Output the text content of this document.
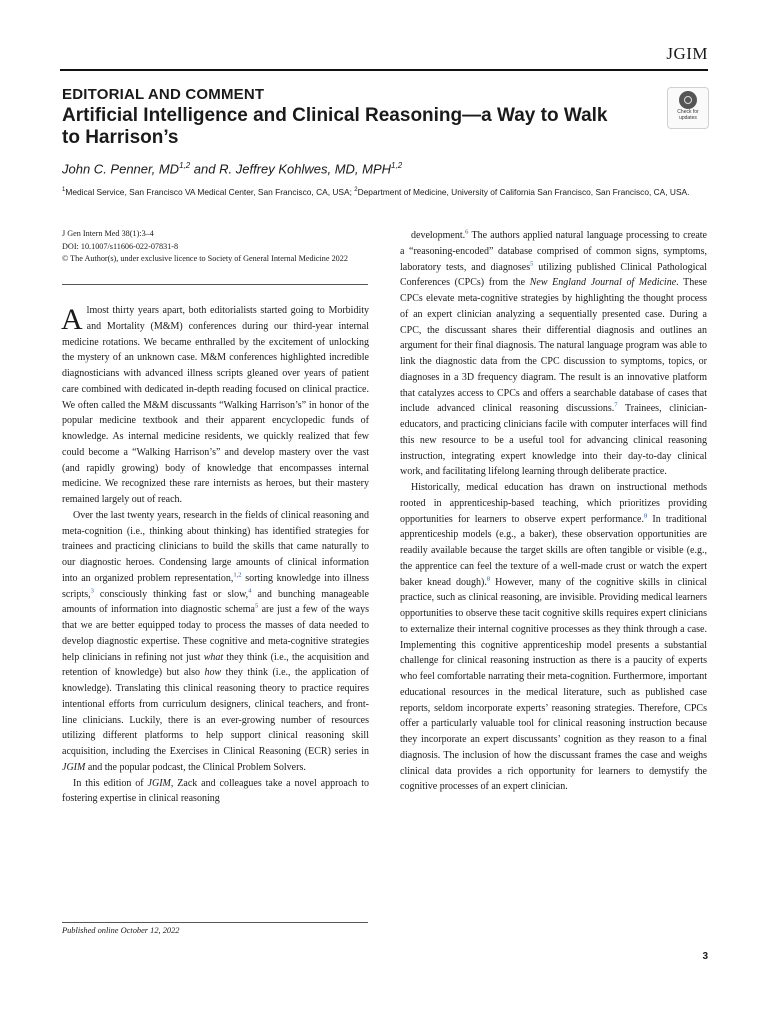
JGIM
EDITORIAL AND COMMENT
Artificial Intelligence and Clinical Reasoning—a Way to Walk to Harrison’s
Check for
updates
John C. Penner, MD$^{1,2}$ and R. Jeffrey Kohlwes, MD, MPH$^{1,2}$
$^1$Medical Service, San Francisco VA Medical Center, San Francisco, CA, USA; $^2$Department of Medicine, University of California San Francisco, San Francisco, CA, USA.
J Gen Intern Med 38(1):3–4
DOI: 10.1007/s11606-022-07831-8
© The Author(s), under exclusive licence to Society of General Internal Medicine 2022

Almost thirty years apart, both editorialists started going to Morbidity and Mortality (M&M) conferences during our third-year internal medicine rotations. We became enthralled by the excitement of unlocking the mystery of an unknown case. M&M conferences highlighted incredible diagnosticians with advanced illness scripts gleaned over years of patient care combined with dedicated in-depth reading focused on clinical practice. We often called the M&M discussants “Walking Harrison’s” in honor of the popular medicine textbook and their apparent encyclopedic funds of knowledge. As internal medicine residents, we quickly realized that few could become a “Walking Harrison’s” and develop mastery over the vast (and rapidly growing) body of knowledge that encompasses internal medicine. We recognized these rare internists as heroes, but their mastery remained largely out of reach.

Over the last twenty years, research in the fields of clinical reasoning and meta-cognition (i.e., thinking about thinking) has identified strategies for trainees and practicing clinicians to build the skills that came naturally to our diagnostic heroes. Condensing large amounts of clinical information into an organized problem representation,$^{1,2}$ sorting knowledge into illness scripts,$^3$ consciously thinking fast or slow,$^4$ and bunching manageable amounts of information into diagnostic schema$^5$ are just a few of the ways that we are better equipped today to process the masses of data needed to develop diagnostic expertise. These cognitive and meta-cognitive strategies help clinicians in refining not just what they think (i.e., the acquisition and retention of knowledge) but also how they think (i.e., the application of knowledge). Translating this clinical reasoning theory to practice requires intentional efforts from curriculum designers, clinical teachers, and front-line clinicians. Luckily, there is an ever-growing number of resources utilizing different platforms to help support clinical reasoning skill acquisition, including the Exercises in Clinical Reasoning (ECR) series in JGIM and the popular podcast, the Clinical Problem Solvers.

In this edition of JGIM, Zack and colleagues take a novel approach to fostering expertise in clinical reasoning

development.$^6$ The authors applied natural language processing to create a “reasoning-encoded” database comprised of common signs, symptoms, laboratory tests, and diagnoses$^5$ utilizing published Clinical Pathological Conferences (CPCs) from the New England Journal of Medicine. These CPCs elevate meta-cognitive strategies by highlighting the thought process of an expert clinician analyzing a sequentially presented case. During a CPC, the discussant shares their differential diagnosis and outlines an argument for their final diagnosis. The natural language program was able to link the diagnostic data from the CPC discussion to symptoms, topics, or diagnoses in a 3D frequency diagram. The result is an innovative platform that catalyzes access to CPCs and offers a searchable database of cases that include advanced clinical reasoning discussions.$^7$ Trainees, clinician-educators, and practicing clinicians facile with computer interfaces will find this new resource to be a useful tool for advancing clinical reasoning instruction, integrating expert knowledge into their day-to-day clinical work, and facilitating lifelong learning through deliberate practice.

Historically, medical education has drawn on instructional methods rooted in apprenticeship-based teaching, which prioritizes providing opportunities for learners to observe expert performance.$^8$ In traditional apprenticeship models (e.g., a baker), these observation opportunities are readily available because the target skills are often tangible or visible (e.g., the apprentice can feel the texture of a well-made crust or watch the expert baker knead dough).$^8$ However, many of the cognitive skills in clinical practice, such as clinical reasoning, are invisible. Providing medical learners opportunities to observe these tacit cognitive skills requires expert clinicians to externalize their internal cognitive processes as they think through a case. Implementing this cognitive apprenticeship model presents a substantial challenge for clinical reasoning instruction as there is a paucity of experts who feel comfortable narrating their meta-cognition. Furthermore, important educational resources in the medical literature, such as published case reports, seldom incorporate experts’ reasoning strategies. Therefore, CPCs offer a particularly valuable tool for clinical reasoning instruction because they incorporate an expert discussants’ cognition as they reason to a final diagnosis. The inclusion of how the discussant frames the case and weighs clinical data provides a rich opportunity for learners to demystify the cognitive processes of an expert clinician.

Published online October 12, 2022
3
